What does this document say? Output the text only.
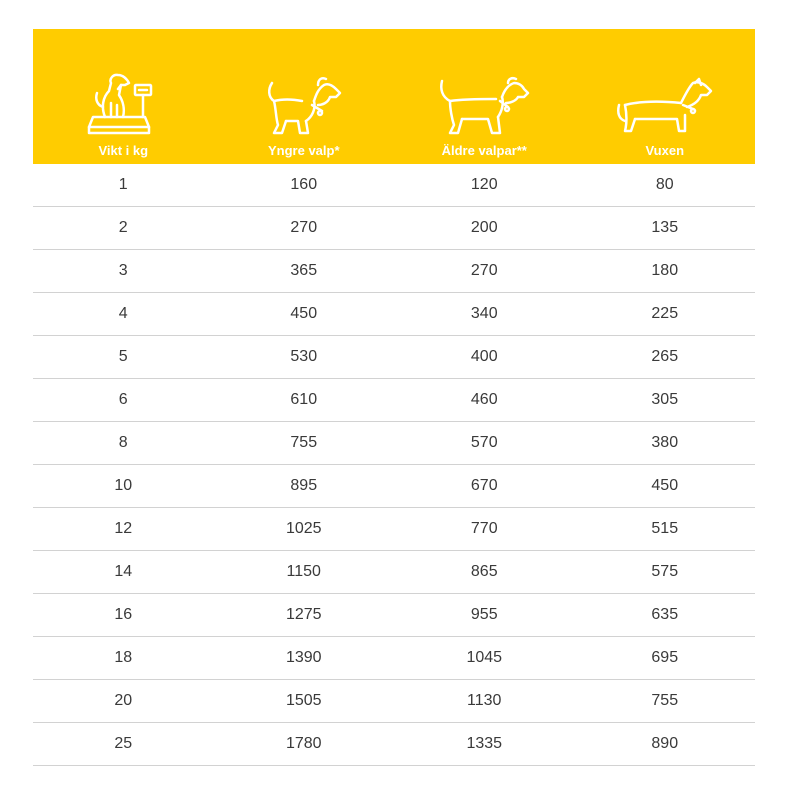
Vikt i kg	Yngre valp*	Äldre valpar**	Vuxen
1	160	120	80
2	270	200	135
3	365	270	180
4	450	340	225
5	530	400	265
6	610	460	305
8	755	570	380
10	895	670	450
12	1025	770	515
14	1150	865	575
16	1275	955	635
18	1390	1045	695
20	1505	1130	755
25	1780	1335	890
